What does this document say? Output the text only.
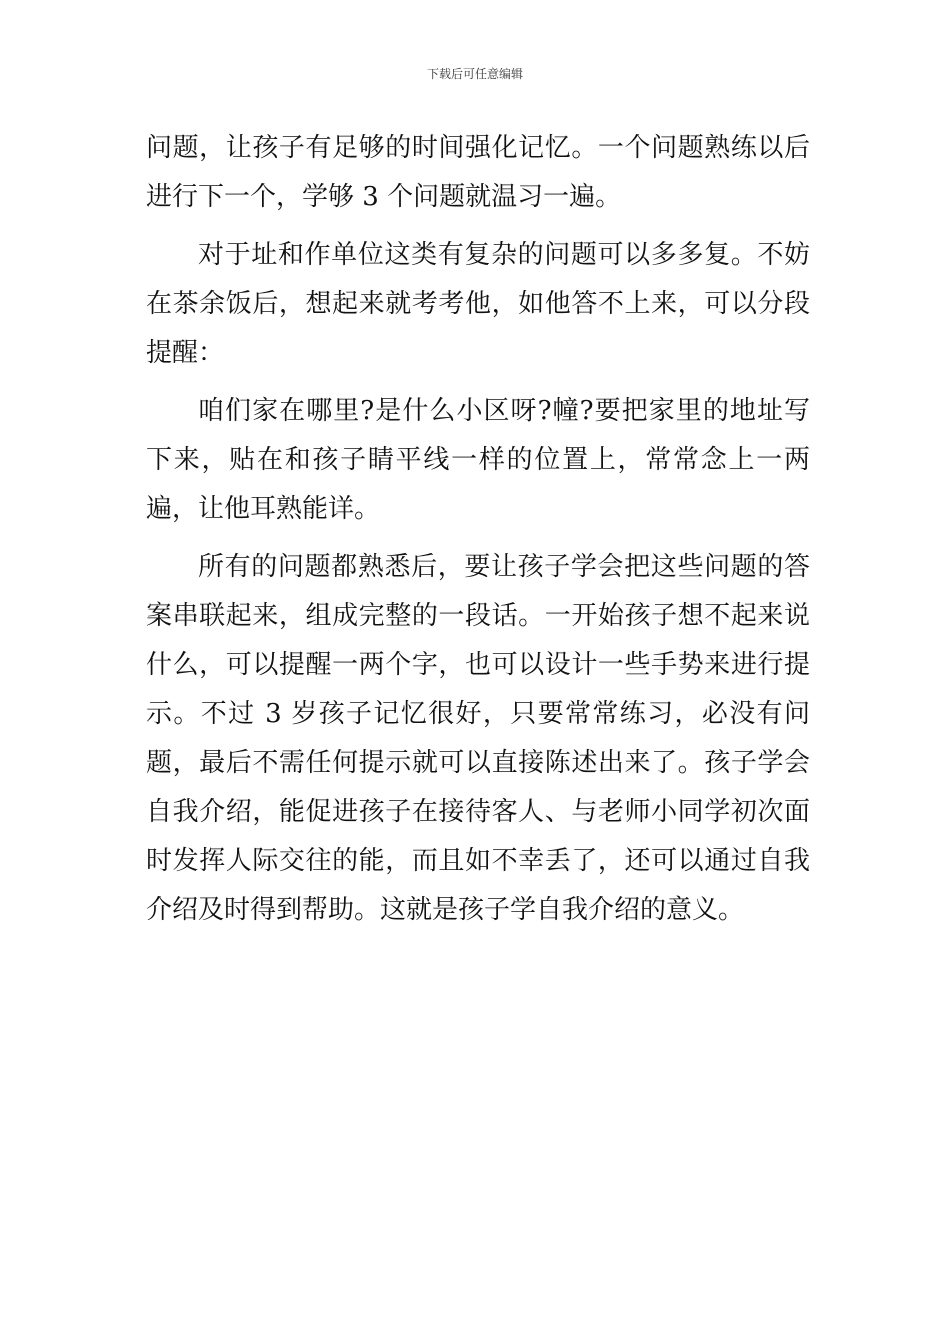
下载后可任意编辑

问题，让孩子有足够的时间强化记忆。一个问题熟练以后进行下一个，学够 3 个问题就温习一遍。

对于址和作单位这类有复杂的问题可以多多复。不妨在茶余饭后，想起来就考考他，如他答不上来，可以分段提醒：

咱们家在哪里?是什么小区呀?幢?要把家里的地址写下来，贴在和孩子睛平线一样的位置上，常常念上一两遍，让他耳熟能详。

所有的问题都熟悉后，要让孩子学会把这些问题的答案串联起来，组成完整的一段话。一开始孩子想不起来说什么，可以提醒一两个字，也可以设计一些手势来进行提示。不过 3 岁孩子记忆很好，只要常常练习，必没有问题，最后不需任何提示就可以直接陈述出来了。孩子学会自我介绍，能促进孩子在接待客人、与老师小同学初次面时发挥人际交往的能，而且如不幸丢了，还可以通过自我介绍及时得到帮助。这就是孩子学自我介绍的意义。
